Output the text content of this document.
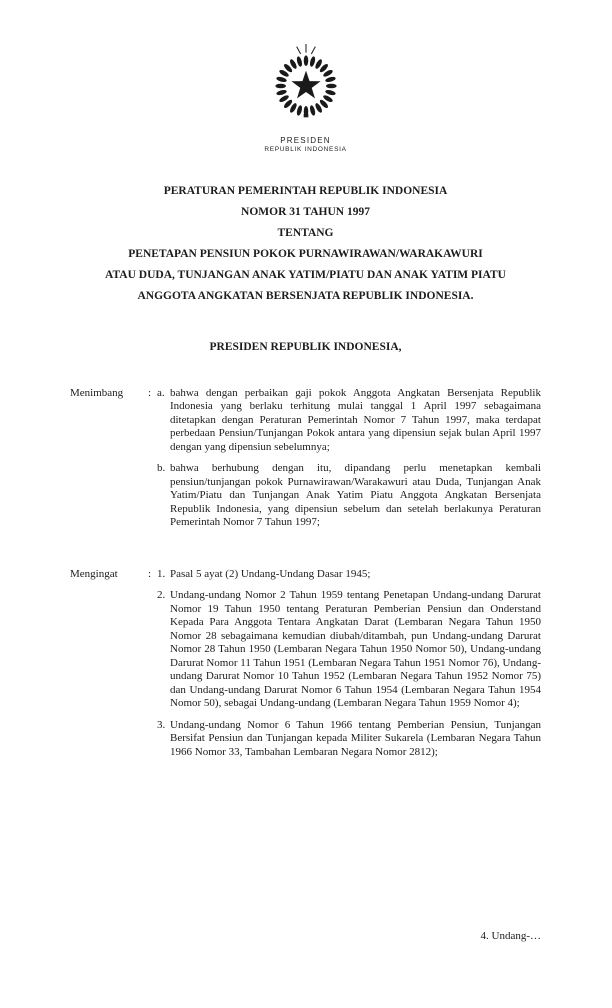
PRESIDEN
REPUBLIK INDONESIA
PERATURAN PEMERINTAH REPUBLIK INDONESIA
NOMOR 31 TAHUN 1997
TENTANG
PENETAPAN PENSIUN POKOK PURNAWIRAWAN/WARAKAWURI
ATAU DUDA, TUNJANGAN ANAK YATIM/PIATU DAN ANAK YATIM PIATU
ANGGOTA ANGKATAN BERSENJATA REPUBLIK INDONESIA.
PRESIDEN REPUBLIK INDONESIA,
Menimbang	: a. bahwa dengan perbaikan gaji pokok Anggota Angkatan Bersenjata Republik Indonesia yang berlaku terhitung mulai tanggal 1 April 1997 sebagaimana ditetapkan dengan Peraturan Pemerintah Nomor 7 Tahun 1997, maka terdapat perbedaan Pensiun/Tunjangan Pokok antara yang dipensiun sejak bulan April 1997 dengan yang dipensiun sebelumnya;
b. bahwa berhubung dengan itu, dipandang perlu menetapkan kembali pensiun/tunjangan pokok Purnawirawan/Warakawuri atau Duda, Tunjangan Anak Yatim/Piatu dan Tunjangan Anak Yatim Piatu Anggota Angkatan Bersenjata Republik Indonesia, yang dipensiun sebelum dan setelah berlakunya Peraturan Pemerintah Nomor 7 Tahun 1997;
Mengingat	: 1. Pasal 5 ayat (2) Undang-Undang Dasar 1945;
2. Undang-undang Nomor 2 Tahun 1959 tentang Penetapan Undang-undang Darurat Nomor 19 Tahun 1950 tentang Peraturan Pemberian Pensiun dan Onderstand Kepada Para Anggota Tentara Angkatan Darat (Lembaran Negara Tahun 1950 Nomor 28 sebagaimana kemudian diubah/ditambah, pun Undang-undang Darurat Nomor 28 Tahun 1950 (Lembaran Negara Tahun 1950 Nomor 50), Undang-undang Darurat Nomor 11 Tahun 1951 (Lembaran Negara Tahun 1951 Nomor 76), Undang-undang Darurat Nomor 10 Tahun 1952 (Lembaran Negara Tahun 1952 Nomor 75) dan Undang-undang Darurat Nomor 6 Tahun 1954 (Lembaran Negara Tahun 1954 Nomor 50), sebagai Undang-undang (Lembaran Negara Tahun 1959 Nomor 4);
3. Undang-undang Nomor 6 Tahun 1966 tentang Pemberian Pensiun, Tunjangan Bersifat Pensiun dan Tunjangan kepada Militer Sukarela (Lembaran Negara Tahun 1966 Nomor 33, Tambahan Lembaran Negara Nomor 2812);
4. Undang-…
